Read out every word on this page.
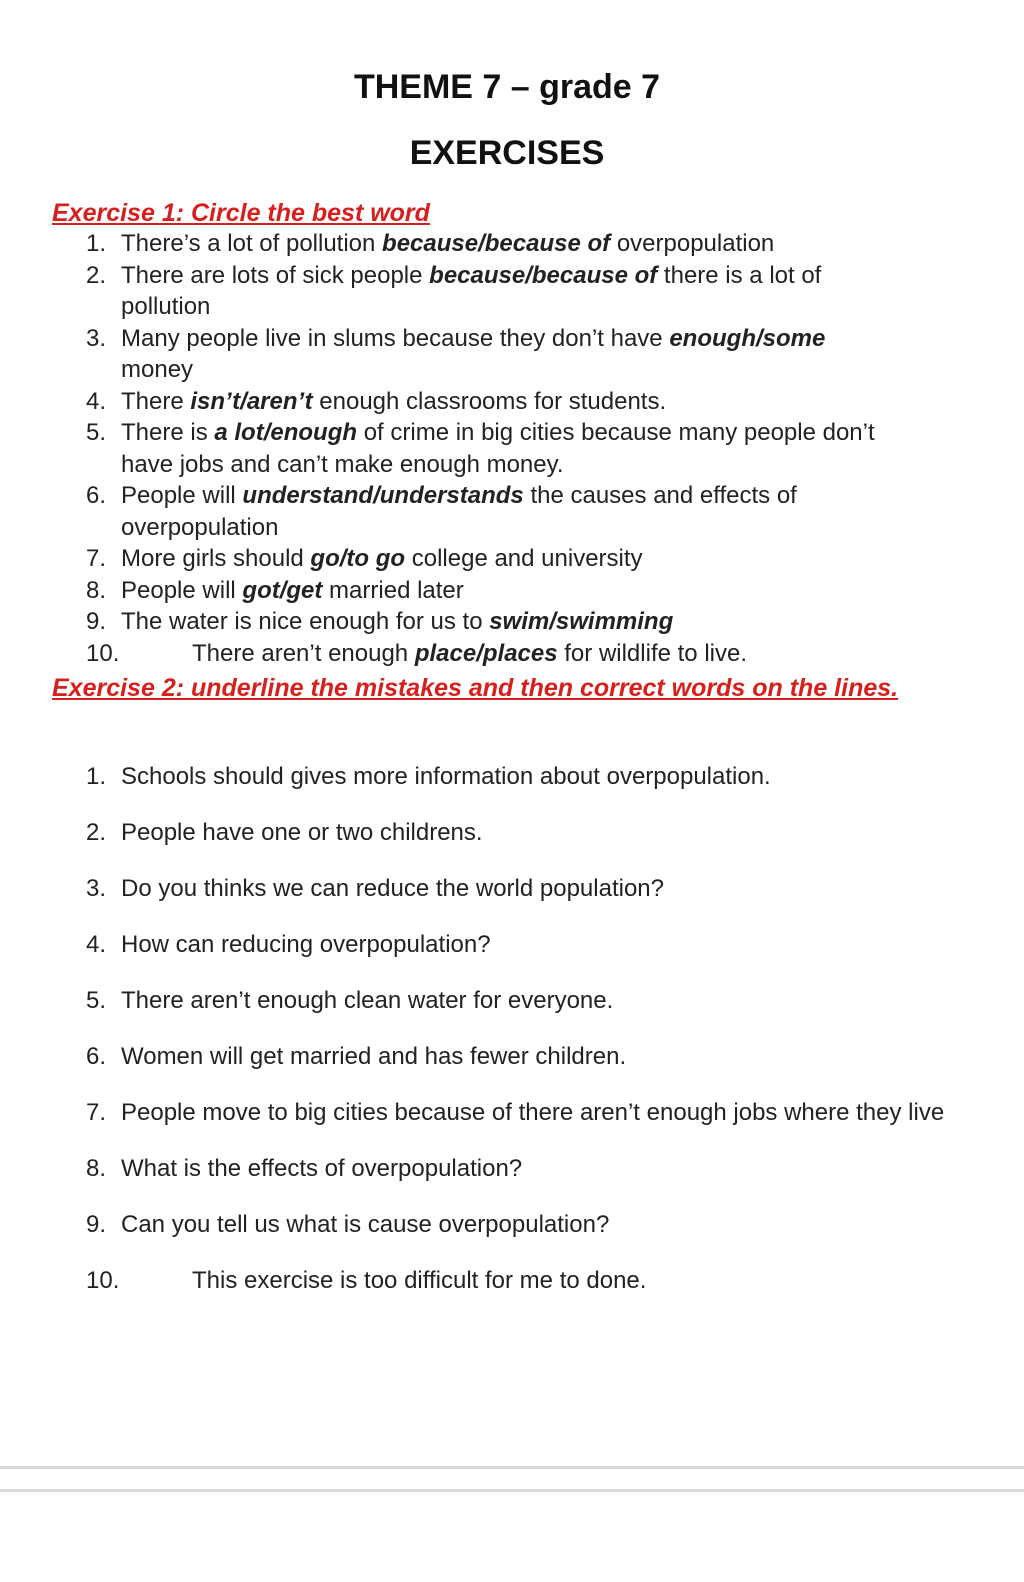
THEME 7 – grade 7
EXERCISES
Exercise 1: Circle the best word
1. There’s a lot of pollution because/because of overpopulation
2. There are lots of sick people because/because of there is a lot of pollution
3. Many people live in slums because they don’t have enough/some money
4. There isn’t/aren’t enough classrooms for students.
5. There is a lot/enough of crime in big cities because many people don’t have jobs and can’t make enough money.
6. People will understand/understands the causes and effects of overpopulation
7. More girls should go/to go college and university
8. People will got/get married later
9. The water is nice enough for us to swim/swimming
10.	There aren’t enough place/places for wildlife to live.
Exercise 2: underline the mistakes and then correct words on the lines.
1. Schools should gives more information about overpopulation.
2. People have one or two childrens.
3. Do you thinks we can reduce the world population?
4. How can reducing overpopulation?
5. There aren’t enough clean water for everyone.
6. Women will get married and has fewer children.
7. People move to big cities because of there aren’t enough jobs where they live
8. What is the effects of overpopulation?
9. Can you tell us what is cause overpopulation?
10.	This exercise is too difficult for me to done.
